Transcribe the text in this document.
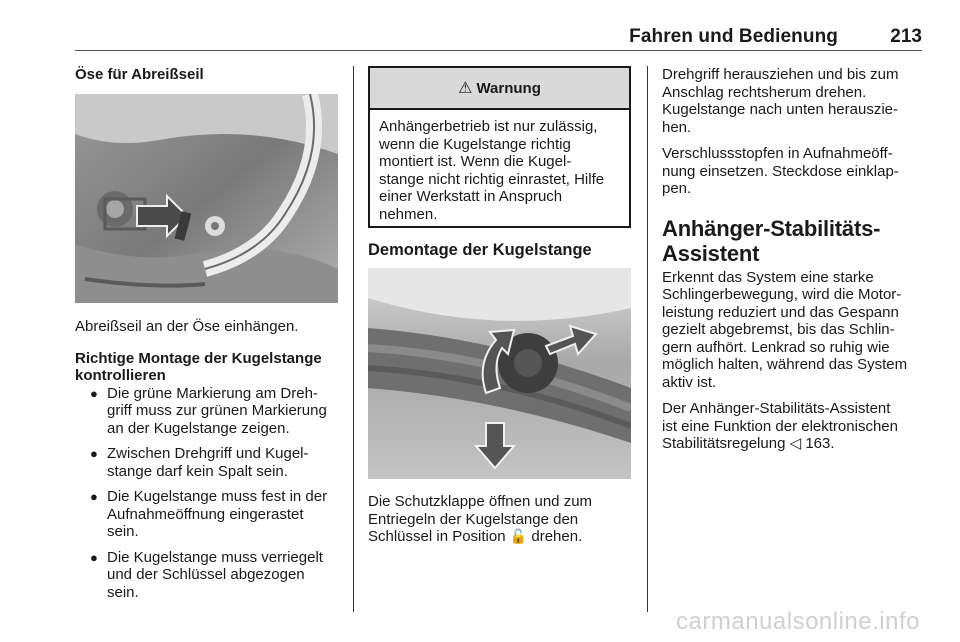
Fahren und Bedienung	213

Öse für Abreißseil

Abreißseil an der Öse einhängen.

Richtige Montage der Kugelstange

kontrollieren

● Die grüne Markierung am Dreh-
griff muss zur grünen Markierung
an der Kugelstange zeigen.
● Zwischen Drehgriff und Kugel-
stange darf kein Spalt sein.
● Die Kugelstange muss fest in der
Aufnahmeöffnung eingerastet
sein.
● Die Kugelstange muss verriegelt
und der Schlüssel abgezogen
sein.
⚠ Warnung
Anhängerbetrieb ist nur zulässig,
wenn die Kugelstange richtig
montiert ist. Wenn die Kugel-
stange nicht richtig einrastet, Hilfe
einer Werkstatt in Anspruch
nehmen.

Demontage der Kugelstange

Die Schutzklappe öffnen und zum

Entriegeln der Kugelstange den

Schlüssel in Position 🔓 drehen.

Drehgriff herausziehen und bis zum

Anschlag rechtsherum drehen.

Kugelstange nach unten herauszie-

hen.

Verschlussstopfen in Aufnahmeöff-

nung einsetzen. Steckdose einklap-

pen.

Anhänger-Stabilitäts-

Assistent

Erkennt das System eine starke

Schlingerbewegung, wird die Motor-

leistung reduziert und das Gespann

gezielt abgebremst, bis das Schlin-

gern aufhört. Lenkrad so ruhig wie

möglich halten, während das System

aktiv ist.

Der Anhänger-Stabilitäts-Assistent

ist eine Funktion der elektronischen

Stabilitätsregelung ◁ 163.

carmanualsonline.info
